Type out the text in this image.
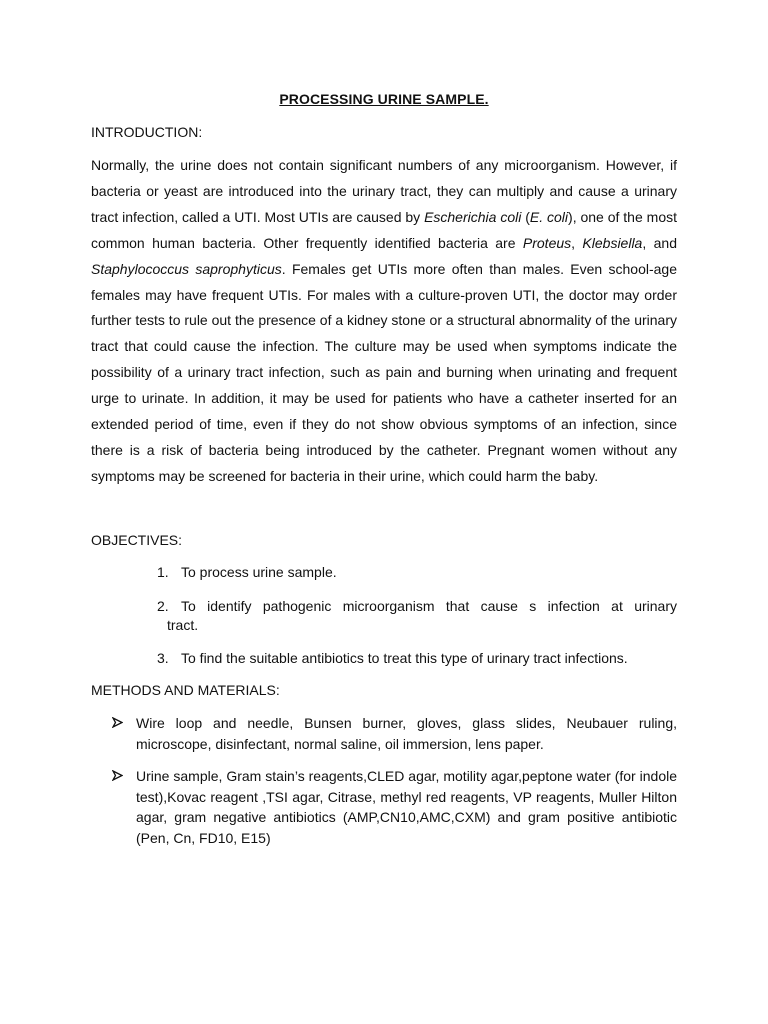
PROCESSING URINE SAMPLE.
INTRODUCTION:

Normally, the urine does not contain significant numbers of any microorganism. However, if bacteria or yeast are introduced into the urinary tract, they can multiply and cause a urinary tract infection, called a UTI. Most UTIs are caused by Escherichia coli (E. coli), one of the most common human bacteria. Other frequently identified bacteria are Proteus, Klebsiella, and Staphylococcus saprophyticus. Females get UTIs more often than males. Even school-age females may have frequent UTIs. For males with a culture-proven UTI, the doctor may order further tests to rule out the presence of a kidney stone or a structural abnormality of the urinary tract that could cause the infection. The culture may be used when symptoms indicate the possibility of a urinary tract infection, such as pain and burning when urinating and frequent urge to urinate. In addition, it may be used for patients who have a catheter inserted for an extended period of time, even if they do not show obvious symptoms of an infection, since there is a risk of bacteria being introduced by the catheter. Pregnant women without any symptoms may be screened for bacteria in their urine, which could harm the baby.

OBJECTIVES:
1. To process urine sample.
2. To identify pathogenic microorganism that cause s infection at urinary
tract.
3. To find the suitable antibiotics to treat this type of urinary tract infections.
METHODS AND MATERIALS:
Wire loop and needle, Bunsen burner, gloves, glass slides, Neubauer ruling, microscope, disinfectant, normal saline, oil immersion, lens paper.
Urine sample, Gram stain’s reagents,CLED agar, motility agar,peptone water (for indole test),Kovac reagent ,TSI agar, Citrase, methyl red reagents, VP reagents, Muller Hilton agar, gram negative antibiotics (AMP,CN10,AMC,CXM) and gram positive antibiotic (Pen, Cn, FD10, E15)
